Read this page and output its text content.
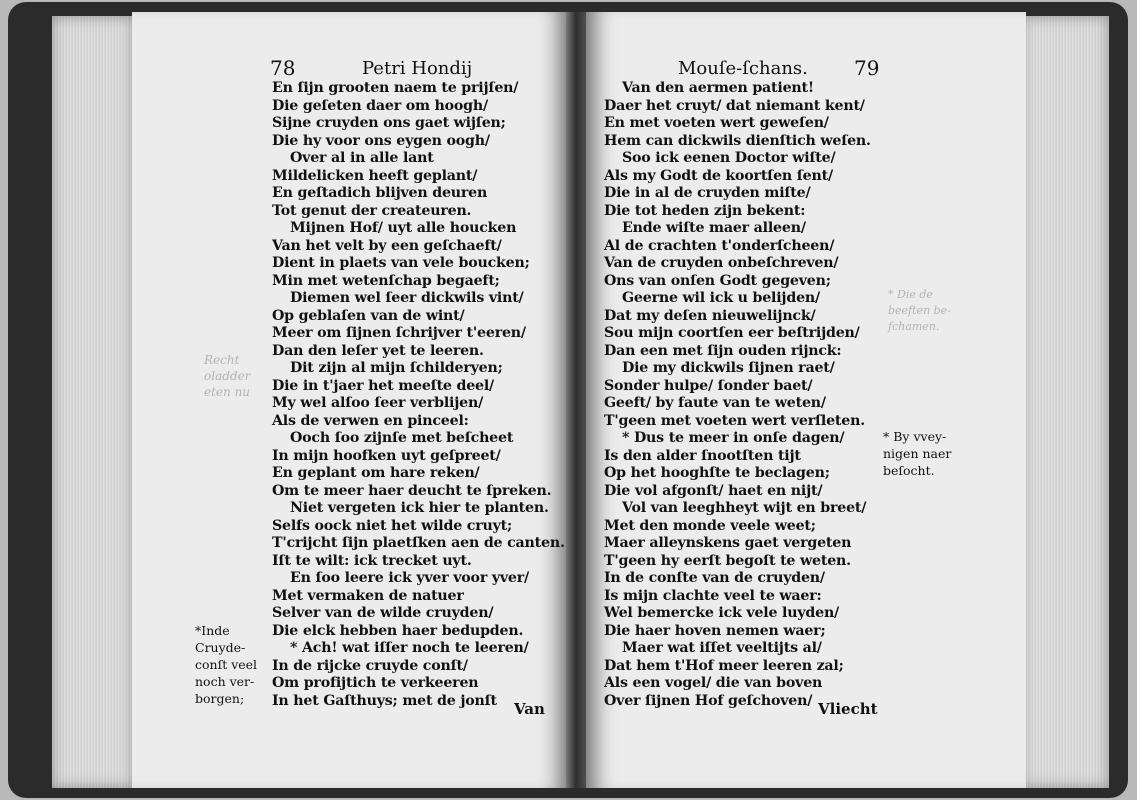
Recht
oladder
eten nu
78	Petri Hondij
En ſijn grooten naem te prijſen/
Die geſeten daer om hoogh/
Sijne cruyden ons gaet wijſen;
Die hy voor ons eygen oogh/
Over al in alle lant
Mildelicken heeft geplant/
En geſtadich blijven deuren
Tot genut der createuren.
Mijnen Hof/ uyt alle houcken
Van het velt by een geſchaeft/
Dient in plaets van vele boucken;
Min met wetenſchap begaeft;
Diemen wel ſeer dickwils vint/
Op geblaſen van de wint/
Meer om ſijnen ſchrijver t'eeren/
Dan den leſer yet te leeren.
Dit zijn al mijn ſchilderyen;
Die in t'jaer het meeſte deel/
My wel alſoo ſeer verblijen/
Als de verwen en pinceel:
Ooch ſoo zijnſe met beſcheet
In mijn hoofken uyt geſpreet/
En geplant om hare reken/
Om te meer haer deucht te ſpreken.
Niet vergeten ick hier te planten.
Selfs oock niet het wilde cruyt;
T'crijcht ſijn plaetſken aen de canten.
Iſt te wilt: ick trecket uyt.
En ſoo leere ick yver voor yver/
Met vermaken de natuer
Selver van de wilde cruyden/
Die elck hebben haer bedupden.
* Ach! wat iſſer noch te leeren/
In de rijcke cruyde conſt/
Om profijtich te verkeeren
In het Gaſthuys; met de jonſt	Van
Mouſe-ſchans. 79
Van den aermen patient!
Daer het cruyt/ dat niemant kent/
En met voeten wert geweſen/
Hem can dickwils dienſtich weſen.
Soo ick eenen Doctor wiſte/
Als my Godt de koortſen ſent/
Die in al de cruyden miſte/
Die tot heden zijn bekent:
Ende wiſte maer alleen/
Al de crachten t'onderſcheen/
Van de cruyden onbeſchreven/
Ons van onſen Godt gegeven;
Geerne wil ick u belijden/
Dat my deſen nieuwelijnck/
Sou mijn coortſen eer beſtrijden/
Dan een met ſijn ouden rijnck:
Die my dickwils ſijnen raet/
Sonder hulpe/ ſonder baet/
Geeft/ by faute van te weten/
T'geen met voeten wert verſleten.
* Dus te meer in onſe dagen/
Is den alder ſnootſten tijt
Op het hooghſte te beclagen;
Die vol afgonſt/ haet en nijt/
Vol van leeghheyt wijt en breet/
Met den monde veele weet;
Maer alleynskens gaet vergeten
T'geen hy eerſt begoſt te weten.
In de conſte van de cruyden/
Is mijn clachte veel te waer:
Wel bemercke ick vele luyden/
Die haer hoven nemen waer;
Maer wat iſſet veeltijts al/
Dat hem t'Hof meer leeren zal;
Als een vogel/ die van boven
Over ſijnen Hof geſchoven/ Vliecht
*Inde
Cruyde-
conſt veel
noch ver-
borgen;
* By vvey-
nigen naer
beſocht.
* Die de
beeften be-
fchamen.
